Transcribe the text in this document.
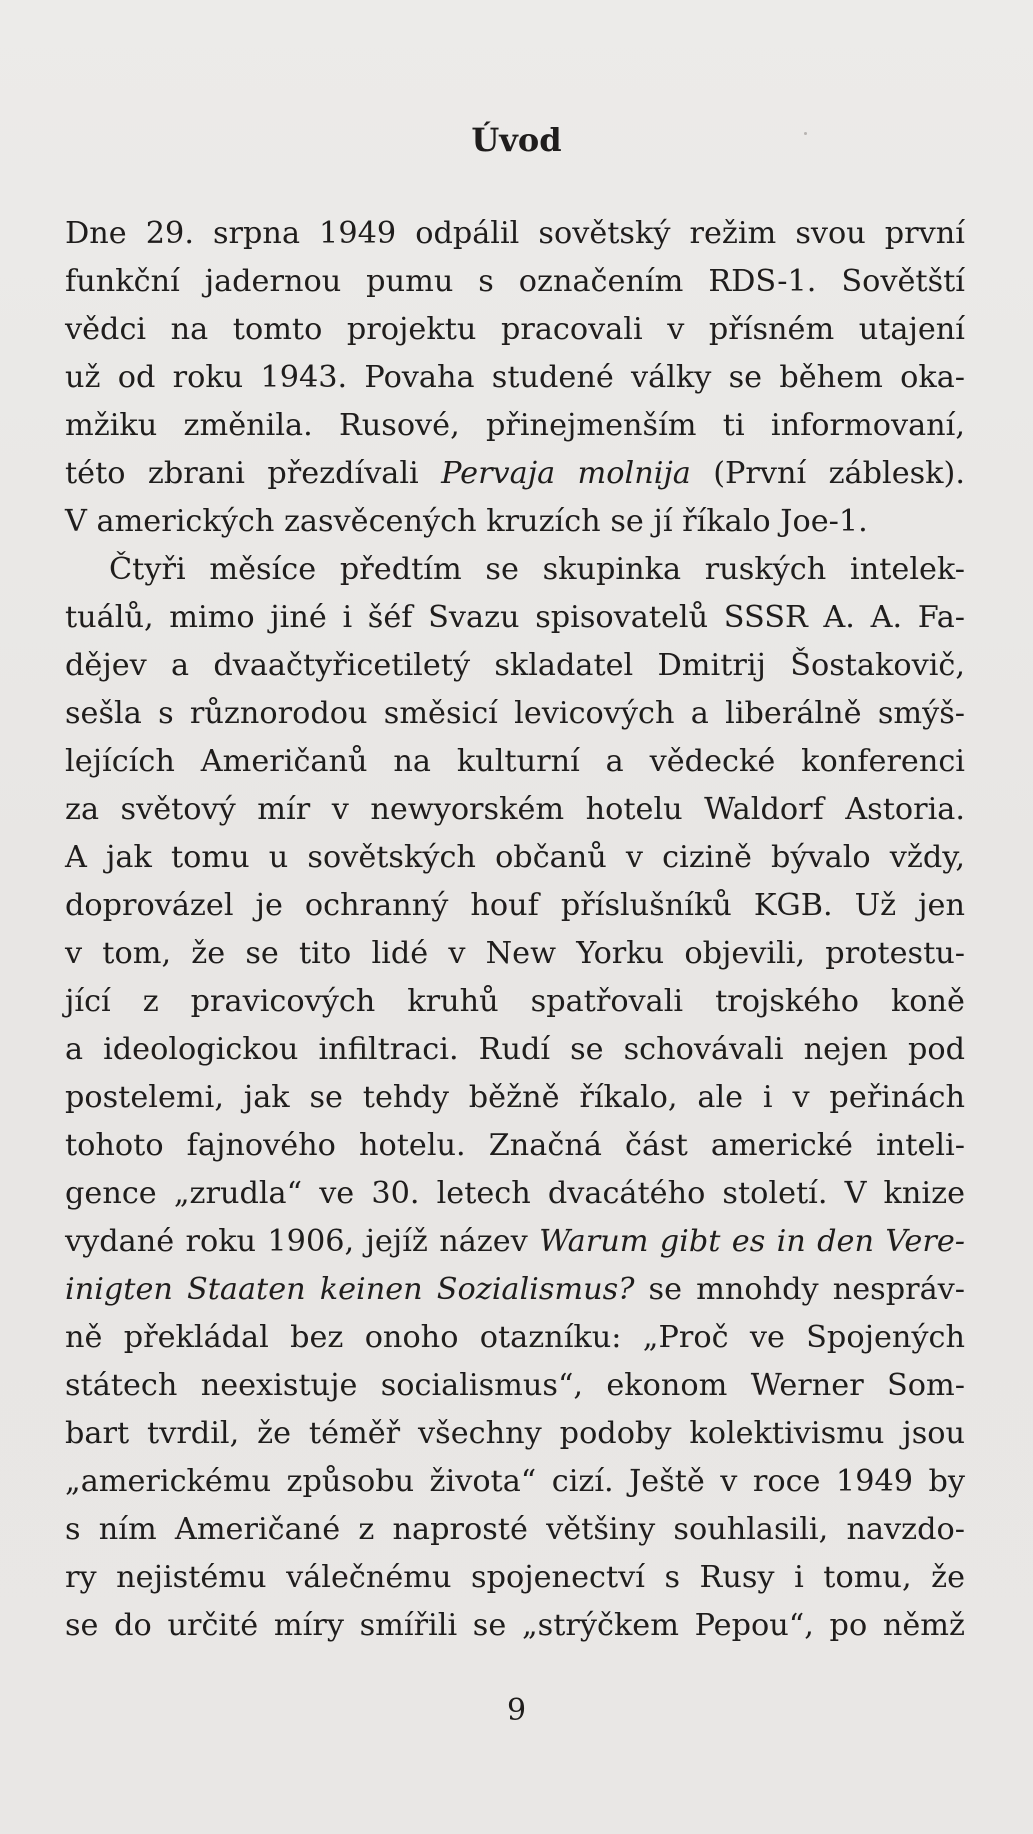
Úvod
Dne 29. srpna 1949 odpálil sovětský režim svou první
funkční jadernou pumu s označením RDS-1. Sovětští
vědci na tomto projektu pracovali v přísném utajení
už od roku 1943. Povaha studené války se během oka-
mžiku změnila. Rusové, přinejmenším ti informovaní,
této zbrani přezdívali Pervaja molnija (První záblesk).
V amerických zasvěcených kruzích se jí říkalo Joe-1.
Čtyři měsíce předtím se skupinka ruských intelek-
tuálů, mimo jiné i šéf Svazu spisovatelů SSSR A. A. Fa-
dějev a dvaačtyřicetiletý skladatel Dmitrij Šostakovič,
sešla s různorodou směsicí levicových a liberálně smýš-
lejících Američanů na kulturní a vědecké konferenci
za světový mír v newyorském hotelu Waldorf Astoria.
A jak tomu u sovětských občanů v cizině bývalo vždy,
doprovázel je ochranný houf příslušníků KGB. Už jen
v tom, že se tito lidé v New Yorku objevili, protestu-
jící z pravicových kruhů spatřovali trojského koně
a ideologickou infiltraci. Rudí se schovávali nejen pod
postelemi, jak se tehdy běžně říkalo, ale i v peřinách
tohoto fajnového hotelu. Značná část americké inteli-
gence „zrudla“ ve 30. letech dvacátého století. V knize
vydané roku 1906, jejíž název Warum gibt es in den Vere-
inigten Staaten keinen Sozialismus? se mnohdy nespráv-
ně překládal bez onoho otazníku: „Proč ve Spojených
státech neexistuje socialismus“, ekonom Werner Som-
bart tvrdil, že téměř všechny podoby kolektivismu jsou
„americkému způsobu života“ cizí. Ještě v roce 1949 by
s ním Američané z naprosté většiny souhlasili, navzdo-
ry nejistému válečnému spojenectví s Rusy i tomu, že
se do určité míry smířili se „strýčkem Pepou“, po němž
9
